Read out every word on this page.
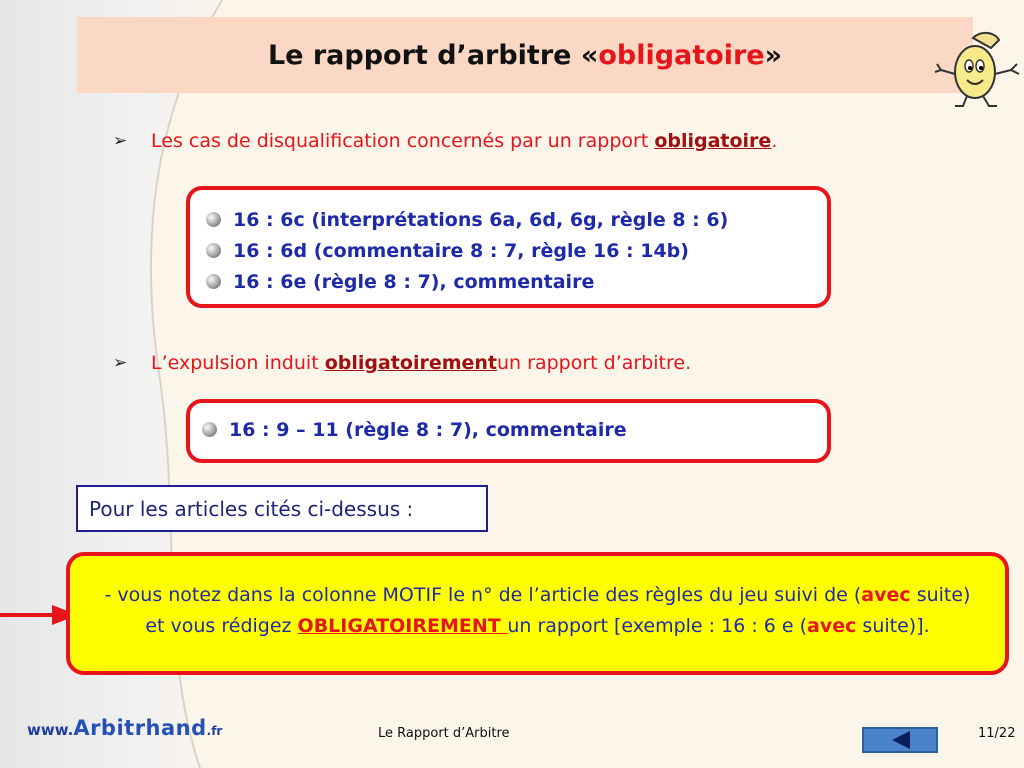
Le rapport d’arbitre « obligatoire »
➢	Les cas de disqualification concernés par un rapport
obligatoire .
16 : 6c (interprétations 6a, 6d, 6g, règle 8 : 6)
16 : 6d (commentaire 8 : 7, règle 16 : 14b)
16 : 6e (règle 8 : 7), commentaire
➢	L’expulsion induit
obligatoirement un rapport d’arbitre.
16 : 9 – 11 (règle 8 : 7), commentaire
Pour les articles cités ci-dessus :
- vous notez dans la colonne MOTIF le n° de l’article des règles du jeu suivi de (avec suite)
et vous rédigez OBLIGATOIREMENT un rapport [exemple : 16 : 6 e (avec suite)].
www. Arbitrhand .fr	Le Rapport d’Arbitre	11/22
